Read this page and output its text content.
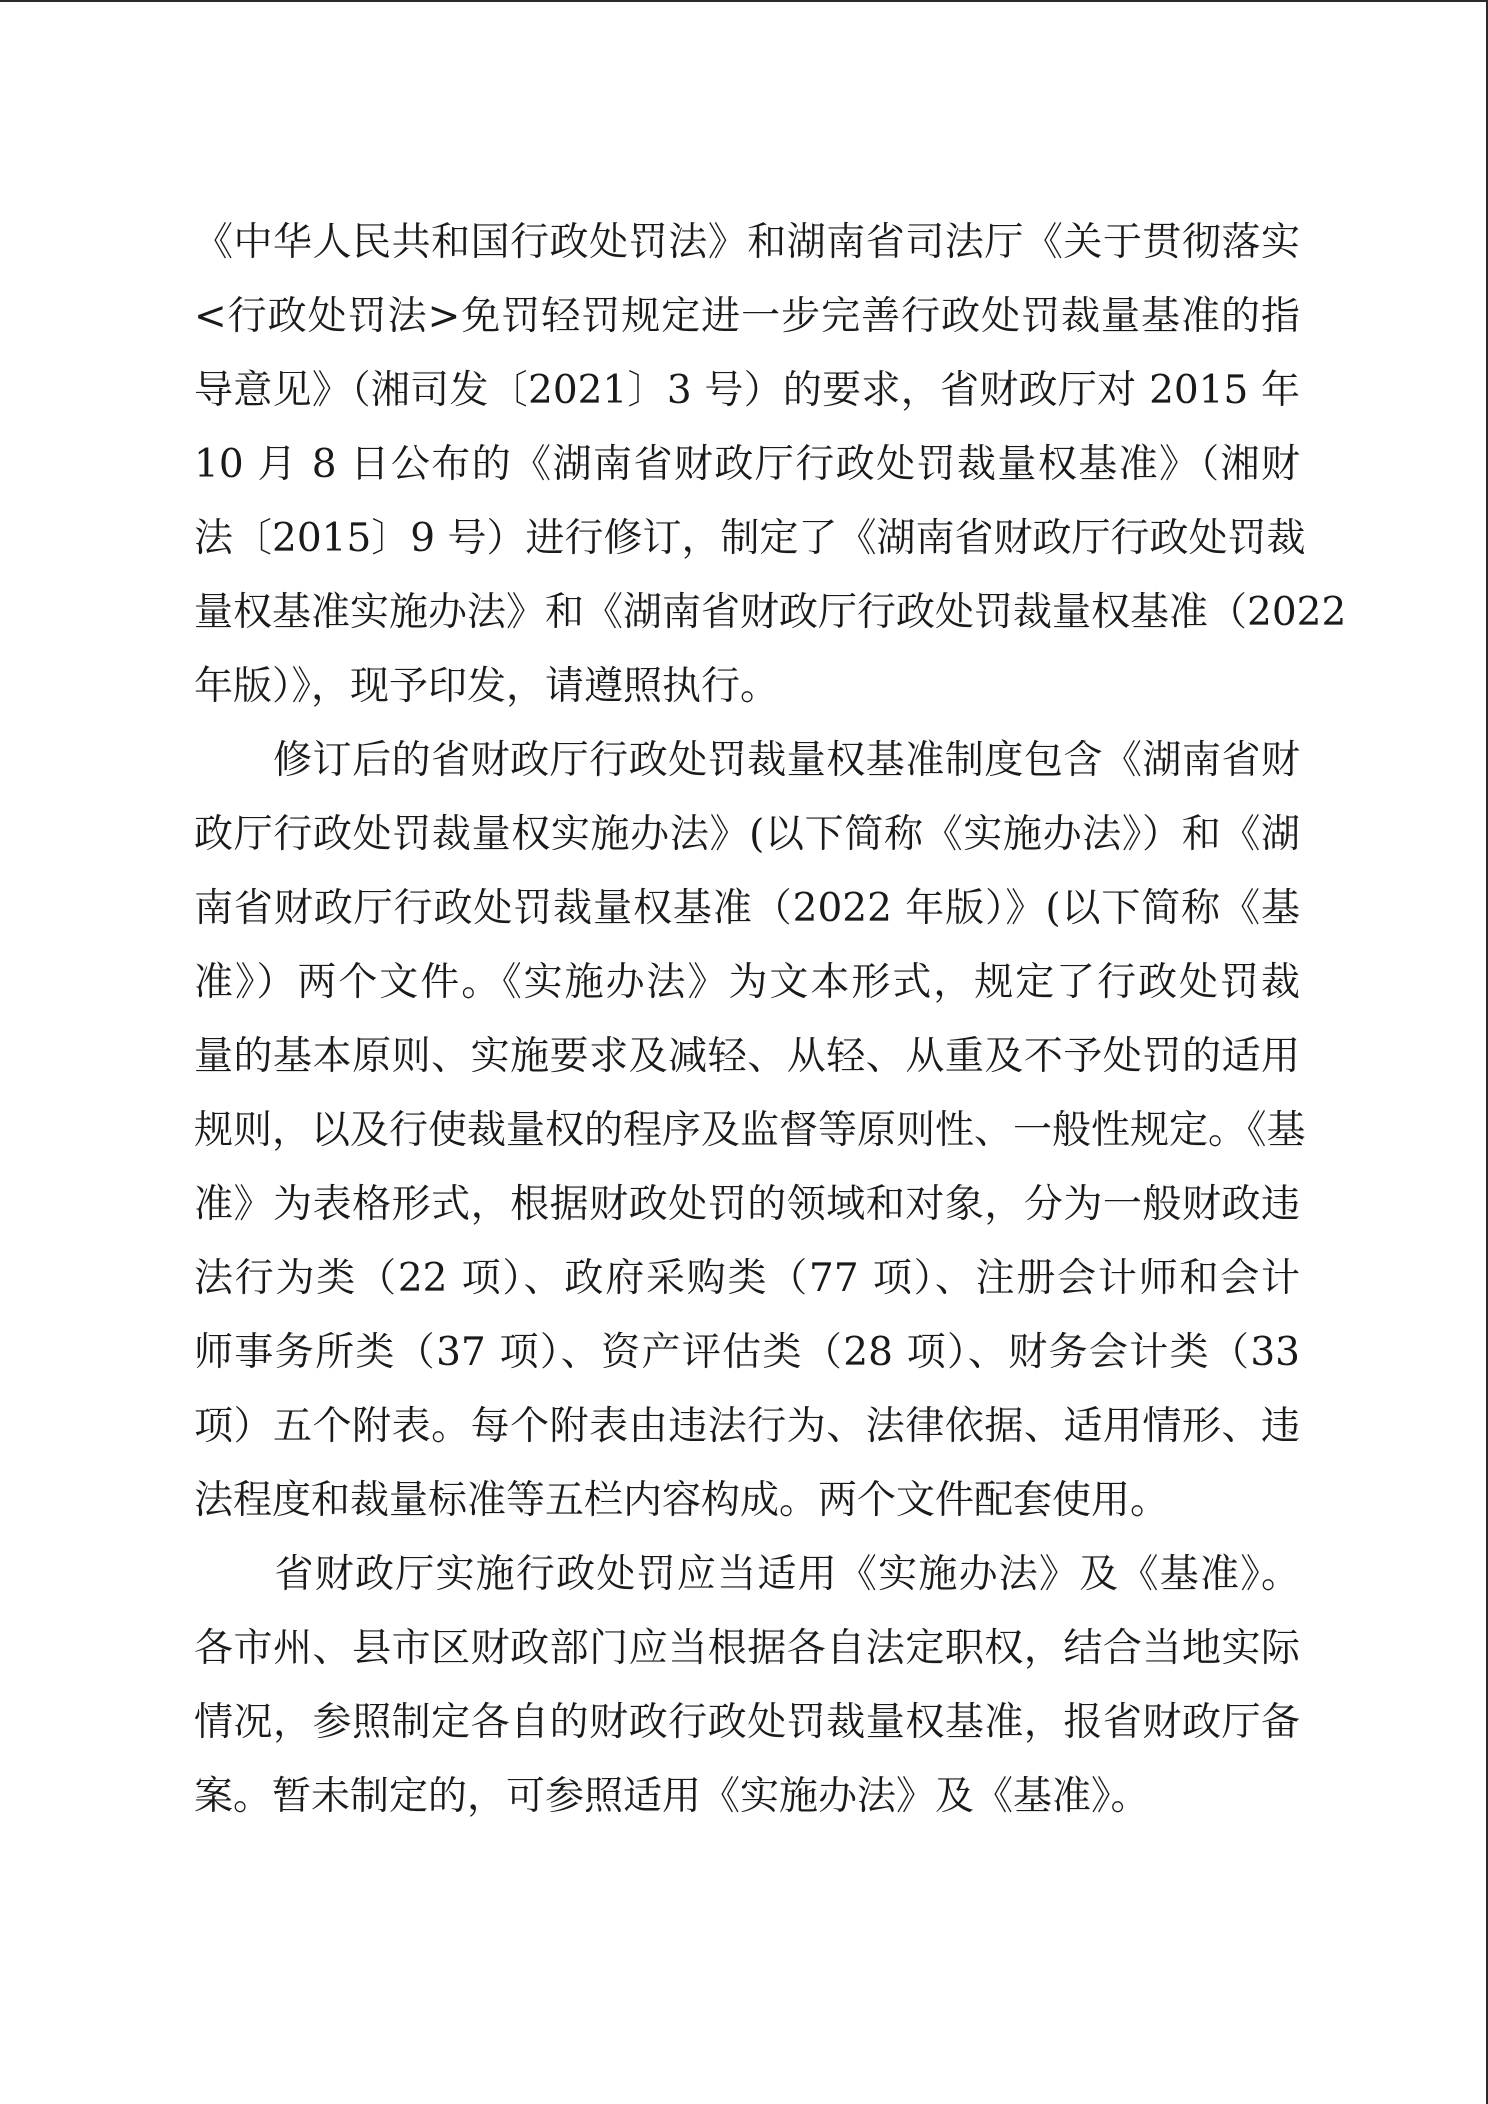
《中华人民共和国行政处罚法》和湖南省司法厅《关于贯彻落实
<行政处罚法>免罚轻罚规定进一步完善行政处罚裁量基准的指
导意见》（湘司发〔2021〕3 号）的要求，省财政厅对 2015 年
10 月 8 日公布的《湖南省财政厅行政处罚裁量权基准》（湘财
法〔2015〕9 号）进行修订，制定了《湖南省财政厅行政处罚裁
量权基准实施办法》和《湖南省财政厅行政处罚裁量权基准（2022
年版）》，现予印发，请遵照执行。
　　修订后的省财政厅行政处罚裁量权基准制度包含《湖南省财
政厅行政处罚裁量权实施办法》(以下简称《实施办法》）和《湖
南省财政厅行政处罚裁量权基准（2022 年版）》(以下简称《基
准》）两个文件。《实施办法》为文本形式，规定了行政处罚裁
量的基本原则、实施要求及减轻、从轻、从重及不予处罚的适用
规则，以及行使裁量权的程序及监督等原则性、一般性规定。《基
准》为表格形式，根据财政处罚的领域和对象，分为一般财政违
法行为类（22 项）、政府采购类（77 项）、注册会计师和会计
师事务所类（37 项）、资产评估类（28 项）、财务会计类（33
项）五个附表。每个附表由违法行为、法律依据、适用情形、违
法程度和裁量标准等五栏内容构成。两个文件配套使用。
　　省财政厅实施行政处罚应当适用《实施办法》及《基准》。
各市州、县市区财政部门应当根据各自法定职权，结合当地实际
情况，参照制定各自的财政行政处罚裁量权基准，报省财政厅备
案。暂未制定的，可参照适用《实施办法》及《基准》。
